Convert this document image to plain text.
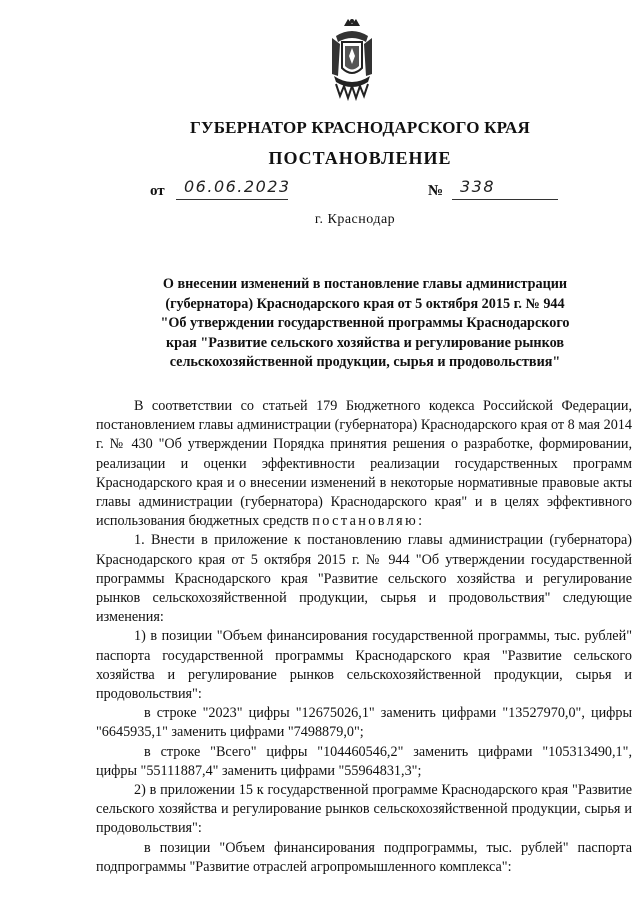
ГУБЕРНАТОР КРАСНОДАРСКОГО КРАЯ
ПОСТАНОВЛЕНИЕ
от 06.06.2023	№ 338
г. Краснодар
О внесении изменений в постановление главы администрации
(губернатора) Краснодарского края от 5 октября 2015 г. № 944
"Об утверждении государственной программы Краснодарского
края "Развитие сельского хозяйства и регулирование рынков
сельскохозяйственной продукции, сырья и продовольствия"

В соответствии со статьей 179 Бюджетного кодекса Российской Федерации, постановлением главы администрации (губернатора) Краснодарского края от 8 мая 2014 г. № 430 "Об утверждении Порядка принятия решения о разработке, формировании, реализации и оценки эффективности реализации государственных программ Краснодарского края и о внесении изменений в некоторые нормативные правовые акты главы администрации (губернатора) Краснодарского края" и в целях эффективного использования бюджетных средств постановляю:

1. Внести в приложение к постановлению главы администрации (губернатора) Краснодарского края от 5 октября 2015 г. № 944 "Об утверждении государственной программы Краснодарского края "Развитие сельского хозяйства и регулирование рынков сельскохозяйственной продукции, сырья и продовольствия" следующие изменения:

1) в позиции "Объем финансирования государственной программы, тыс. рублей" паспорта государственной программы Краснодарского края "Развитие сельского хозяйства и регулирование рынков сельскохозяйственной продукции, сырья и продовольствия":

в строке "2023" цифры "12675026,1" заменить цифрами "13527970,0", цифры "6645935,1" заменить цифрами "7498879,0";

в строке "Всего" цифры "104460546,2" заменить цифрами "105313490,1", цифры "55111887,4" заменить цифрами "55964831,3";

2) в приложении 15 к государственной программе Краснодарского края "Развитие сельского хозяйства и регулирование рынков сельскохозяйственной продукции, сырья и продовольствия":

в позиции "Объем финансирования подпрограммы, тыс. рублей" паспорта подпрограммы "Развитие отраслей агропромышленного комплекса":
